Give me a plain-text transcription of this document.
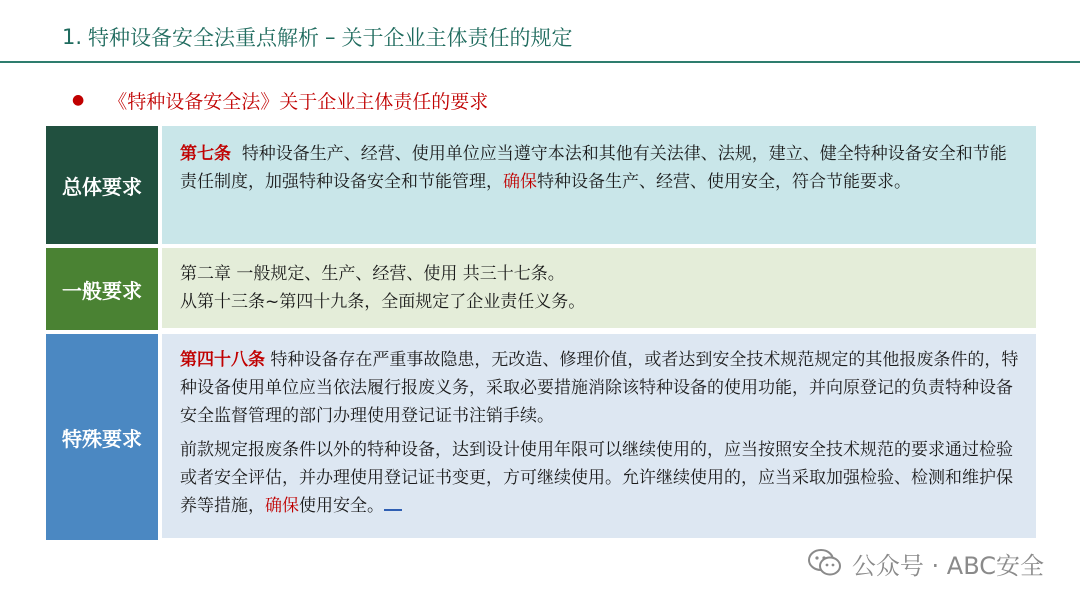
1. 特种设备安全法重点解析 – 关于企业主体责任的规定
● 《特种设备安全法》关于企业主体责任的要求
总体要求
第七条 特种设备生产、经营、使用单位应当遵守本法和其他有关法律、法规，建立、健全特种设备安全和节能责任制度，加强特种设备安全和节能管理，确保特种设备生产、经营、使用安全，符合节能要求。
一般要求
第二章 一般规定、生产、经营、使用 共三十七条。
从第十三条~第四十九条，全面规定了企业责任义务。
特殊要求
第四十八条 特种设备存在严重事故隐患，无改造、修理价值，或者达到安全技术规范规定的其他报废条件的，特种设备使用单位应当依法履行报废义务，采取必要措施消除该特种设备的使用功能，并向原登记的负责特种设备安全监督管理的部门办理使用登记证书注销手续。
前款规定报废条件以外的特种设备，达到设计使用年限可以继续使用的，应当按照安全技术规范的要求通过检验或者安全评估，并办理使用登记证书变更，方可继续使用。允许继续使用的，应当采取加强检验、检测和维护保养等措施，确保使用安全。
公众号 · ABC安全
